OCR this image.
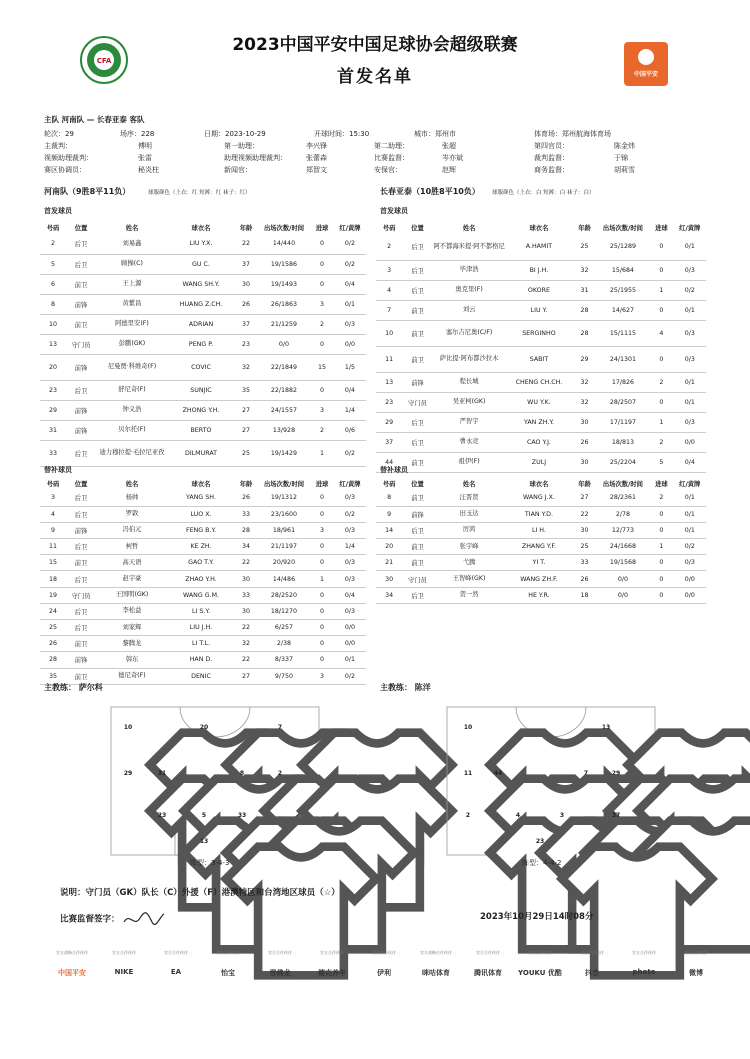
CFA
2023中国平安中国足球协会超级联赛
首发名单	中国平安
主队 河南队 — 长春亚泰 客队
轮次：29	场序：228	日期：2023-10-29	开球时间：15:30	城市：郑州市	体育场：郑州航海体育场
主裁判：	傅明	第一助理：	李兴锋	第二助理：	张超	第四官员：	陈金炜
视频助理裁判：	张雷	助理视频助理裁判：	张蕾森	比赛监督：	岑亦斌	裁判监督：	于锦
赛区协调员：	秘炎柱	新闻官：	郑智文	安保官：	赵辉	商务监督：	胡莉雪
河南队（9胜8平11负）	球服颜色（上衣：红 短裤：红 袜子：红）
首发球员
号码	位置	姓名	球衣名	年龄	出场次数/时间	进球	红/黄牌
2	后卫	刘易鑫	LIU Y.X.	22	14/440	0	0/2
5	后卫	顾操(C)	GU C.	37	19/1586	0	0/2
6	前卫	王上源	WANG SH.Y.	30	19/1493	0	0/4
8	前锋	黄紫昌	HUANG Z.CH.	26	26/1863	3	0/1
10	前卫	阿德里安(F)	ADRIAN	37	21/1259	2	0/3
13	守门员	彭鹏(GK)	PENG P.	23	0/0	0	0/0
20	前锋	尼曼贾·科维奇(F)	COVIC	32	22/1849	15	1/5
23	后卫	舒尼奇(F)	SUNJIC	35	22/1882	0	0/4
29	前锋	钟义浩	ZHONG Y.H.	27	24/1557	3	1/4
31	前锋	贝尔托(F)	BERTO	27	13/928	2	0/6
33	后卫	迪力穆拉提·毛拉尼亚孜	DILMURAT	25	19/1429	1	0/2
替补球员
号码	位置	姓名	球衣名	年龄	出场次数/时间	进球	红/黄牌
3	后卫	杨帅	YANG SH.	26	19/1312	0	0/3
4	后卫	罗敦	LUO X.	33	23/1600	0	0/2
9	前锋	冯伯元	FENG B.Y.	28	18/961	3	0/3
11	后卫	柯哲	KE ZH.	34	21/1197	0	1/4
15	前卫	高天语	GAO T.Y.	22	20/920	0	0/3
18	后卫	赵宇豪	ZHAO Y.H.	30	14/486	1	0/3
19	守门员	王国明(GK)	WANG G.M.	33	28/2520	0	0/4
24	后卫	李松益	LI S.Y.	30	18/1270	0	0/3
25	后卫	刘家辉	LIU J.H.	22	6/257	0	0/0
26	前卫	黎腾龙	LI T.L.	32	2/38	0	0/0
28	前锋	韩东	HAN D.	22	8/337	0	0/1
35	前卫	德尼奇(F)	DENIC	27	9/750	3	0/2
主教练： 萨尔科
长春亚泰（10胜8平10负） 球服颜色（上衣：白 短裤：白 袜子：白）
首发球员
号码	位置	姓名	球衣名	年龄	出场次数/时间	进球	红/黄牌
2	后卫	阿不都海米提·阿不都格尼	A.HAMIT	25	25/1289	0	0/1
3	后卫	毕津浩	BI J.H.	32	15/684	0	0/3
4	后卫	奥克里(F)	OKORE	31	25/1955	1	0/2
7	前卫	刘云	LIU Y.	28	14/627	0	0/1
10	前卫	塞尔吉尼奥(C/F)	SERGINHO	28	15/1115	4	0/3
11	前卫	萨比提·阿布都沙拉木	SABIT	29	24/1301	0	0/3
13	前锋	程长城	CHENG CH.CH.	32	17/826	2	0/1
23	守门员	吴亚柯(GK)	WU Y.K.	32	28/2507	0	0/1
29	后卫	严智宇	YAN ZH.Y.	30	17/1197	1	0/3
37	后卫	曹永竞	CAO Y.J.	26	18/813	2	0/0
44	前卫	祖伊(F)	ZULJ	30	25/2204	5	0/4
替补球员
号码	位置	姓名	球衣名	年龄	出场次数/时间	进球	红/黄牌
8	前卫	汪晋贤	WANG J.X.	27	28/2361	2	0/1
9	前锋	田玉达	TIAN Y.D.	22	2/78	0	0/1
14	后卫	厉鸿	LI H.	30	12/773	0	0/1
20	前卫	张宇峰	ZHANG Y.F.	25	24/1668	1	0/2
21	前卫	弋腾	YI T.	33	19/1568	0	0/3
30	守门员	王智峰(GK)	WANG ZH.F.	26	0/0	0	0/0
34	后卫	贺一然	HE Y.R.	18	0/0	0	0/0
主教练： 陈洋
10	20	7
29	31	8	2
23	5	33
13
阵型：3-4-3
10
44
13
11	7	29
2	4	3	37
23
阵型：4-4-2
说明：守门员（GK）队长（C）外援（F）港澳特区和台湾地区球员（☆）
比赛监督签字：	2023年10月29日14时08分
官方战略合作伙伴
中国平安
官方合作伙伴
NIKE
官方合作伙伴
EA
官方合作伙伴
怡宝
官方合作伙伴
雪佛龙
官方合作伙伴
德克养车
官方合作伙伴
伊利
官方战略合作伙伴
咪咕体育
官方合作伙伴
腾讯体育
官方合作伙伴
YOUKU 优酷
官方合作伙伴
抖音
官方合作伙伴
photo
官方合作伙伴
微博
